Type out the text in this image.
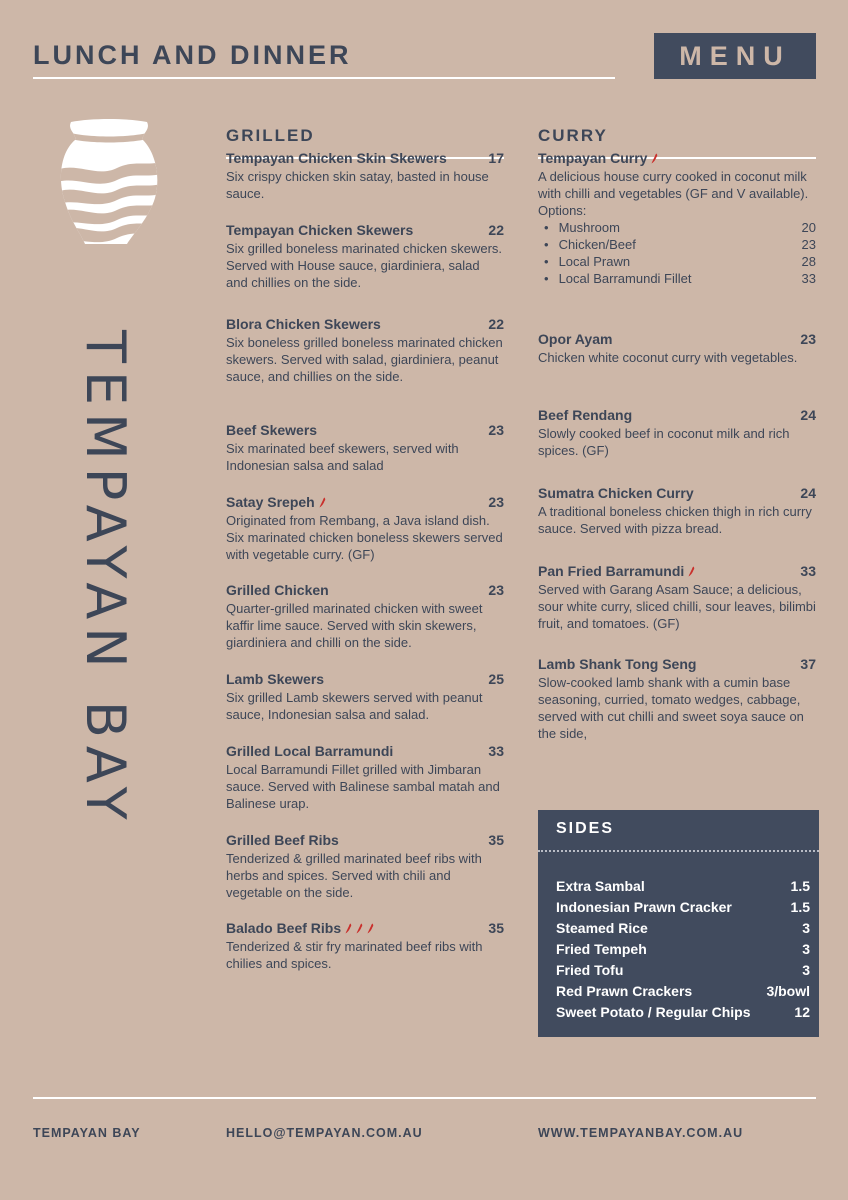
LUNCH AND DINNER	MENU
TEMPAYAN BAY
GRILLED
Tempayan Chicken Skin Skewers	17
Six crispy chicken skin satay, basted in house sauce.
Tempayan Chicken Skewers	22
Six grilled boneless marinated chicken skewers. Served with House sauce, giardiniera, salad and chillies on the side.
Blora Chicken Skewers	22
Six boneless grilled boneless marinated chicken skewers. Served with salad, giardiniera, peanut sauce, and chillies on the side.
Beef Skewers	23
Six marinated beef skewers, served with Indonesian salsa and salad
Satay Srepeh	23
Originated from Rembang, a Java island dish. Six marinated chicken boneless skewers served with vegetable curry. (GF)
Grilled Chicken	23
Quarter-grilled marinated chicken with sweet kaffir lime sauce. Served with skin skewers, giardiniera and chilli on the side.
Lamb Skewers	25
Six grilled Lamb skewers served with peanut sauce, Indonesian salsa and salad.
Grilled Local Barramundi	33
Local Barramundi Fillet grilled with Jimbaran sauce. Served with Balinese sambal matah and Balinese urap.
Grilled Beef Ribs	35
Tenderized & grilled marinated beef ribs with herbs and spices. Served with chili and vegetable on the side.
Balado Beef Ribs	35
Tenderized & stir fry marinated beef ribs with chilies and spices.
CURRY
Tempayan Curry
A delicious house curry cooked in coconut milk with chilli and vegetables (GF and V available).
Options:
• Mushroom	20
• Chicken/Beef	23
• Local Prawn	28
• Local Barramundi Fillet	33
Opor Ayam	23
Chicken white coconut curry with vegetables.
Beef Rendang	24
Slowly cooked beef in coconut milk and rich spices. (GF)
Sumatra Chicken Curry	24
A traditional boneless chicken thigh in rich curry sauce. Served with pizza bread.
Pan Fried Barramundi	33
Served with Garang Asam Sauce; a delicious, sour white curry, sliced chilli, sour leaves, bilimbi fruit, and tomatoes. (GF)
Lamb Shank Tong Seng	37
Slow-cooked lamb shank with a cumin base seasoning, curried, tomato wedges, cabbage, served with cut chilli and sweet soya sauce on the side,
SIDES
Extra Sambal	1.5
Indonesian Prawn Cracker	1.5
Steamed Rice	3
Fried Tempeh	3
Fried Tofu	3
Red Prawn Crackers	3/bowl
Sweet Potato / Regular Chips	12
TEMPAYAN BAY	HELLO@TEMPAYAN.COM.AU	WWW.TEMPAYANBAY.COM.AU
